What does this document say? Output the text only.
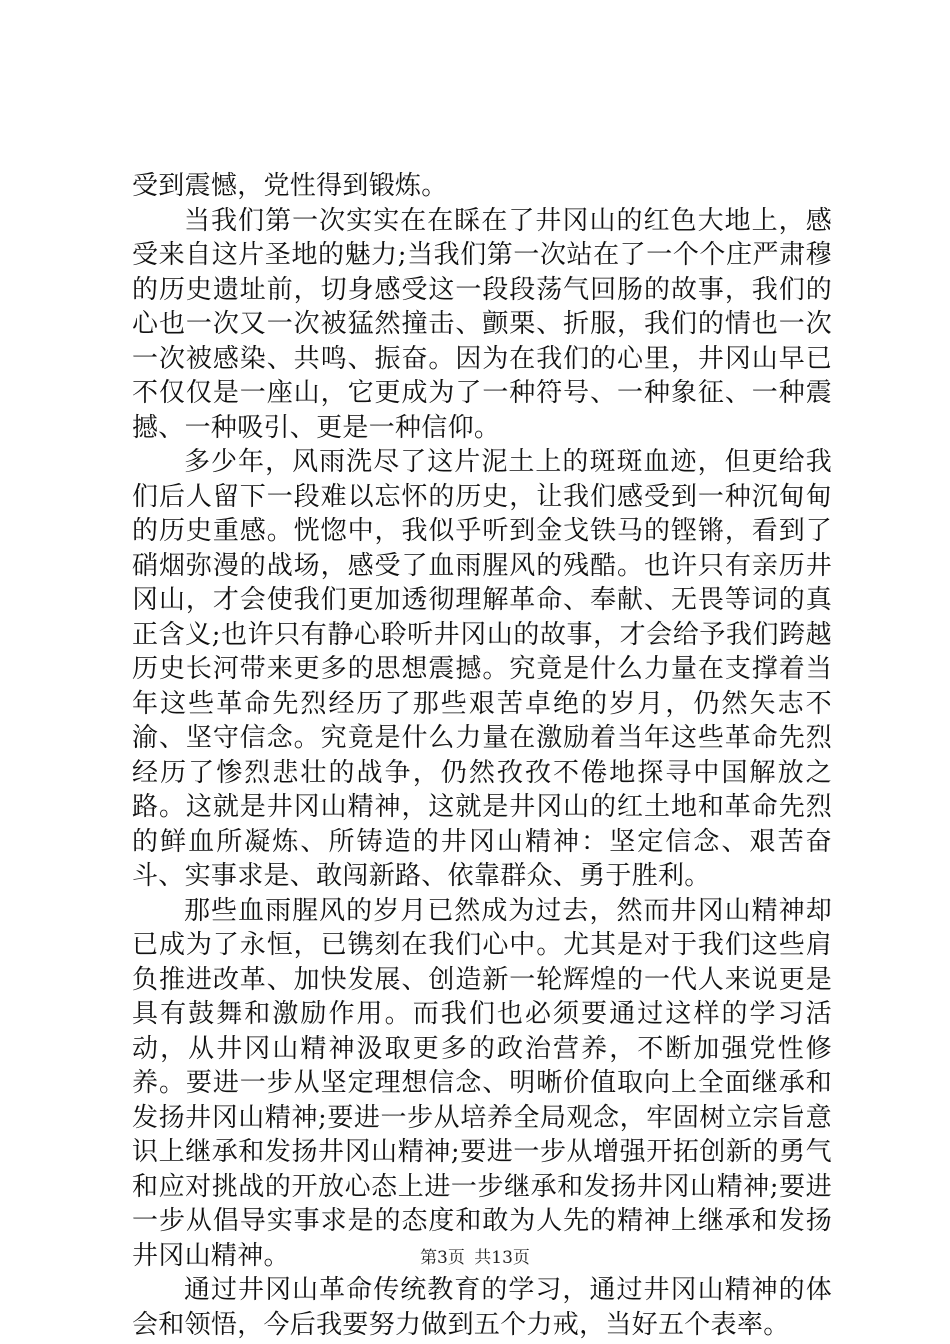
受到震憾，党性得到锻炼。

当我们第一次实实在在睬在了井冈山的红色大地上，感受来自这片圣地的魅力;当我们第一次站在了一个个庄严肃穆的历史遗址前，切身感受这一段段荡气回肠的故事，我们的心也一次又一次被猛然撞击、颤栗、折服，我们的情也一次一次被感染、共鸣、振奋。因为在我们的心里，井冈山早已不仅仅是一座山，它更成为了一种符号、一种象征、一种震撼、一种吸引、更是一种信仰。

多少年，风雨洗尽了这片泥土上的斑斑血迹，但更给我们后人留下一段难以忘怀的历史，让我们感受到一种沉甸甸的历史重感。恍惚中，我似乎听到金戈铁马的铿锵，看到了硝烟弥漫的战场，感受了血雨腥风的残酷。也许只有亲历井冈山，才会使我们更加透彻理解革命、奉献、无畏等词的真正含义;也许只有静心聆听井冈山的故事，才会给予我们跨越历史长河带来更多的思想震撼。究竟是什么力量在支撑着当年这些革命先烈经历了那些艰苦卓绝的岁月，仍然矢志不渝、坚守信念。究竟是什么力量在激励着当年这些革命先烈经历了惨烈悲壮的战争，仍然孜孜不倦地探寻中国解放之路。这就是井冈山精神，这就是井冈山的红土地和革命先烈的鲜血所凝炼、所铸造的井冈山精神：坚定信念、艰苦奋斗、实事求是、敢闯新路、依靠群众、勇于胜利。

那些血雨腥风的岁月已然成为过去，然而井冈山精神却已成为了永恒，已镌刻在我们心中。尤其是对于我们这些肩负推进改革、加快发展、创造新一轮辉煌的一代人来说更是具有鼓舞和激励作用。而我们也必须要通过这样的学习活动，从井冈山精神汲取更多的政治营养，不断加强党性修养。要进一步从坚定理想信念、明晰价值取向上全面继承和发扬井冈山精神;要进一步从培养全局观念，牢固树立宗旨意识上继承和发扬井冈山精神;要进一步从增强开拓创新的勇气和应对挑战的开放心态上进一步继承和发扬井冈山精神;要进一步从倡导实事求是的态度和敢为人先的精神上继承和发扬井冈山精神。

通过井冈山革命传统教育的学习，通过井冈山精神的体会和领悟，今后我要努力做到五个力戒，当好五个表率。

第3页 共13页
